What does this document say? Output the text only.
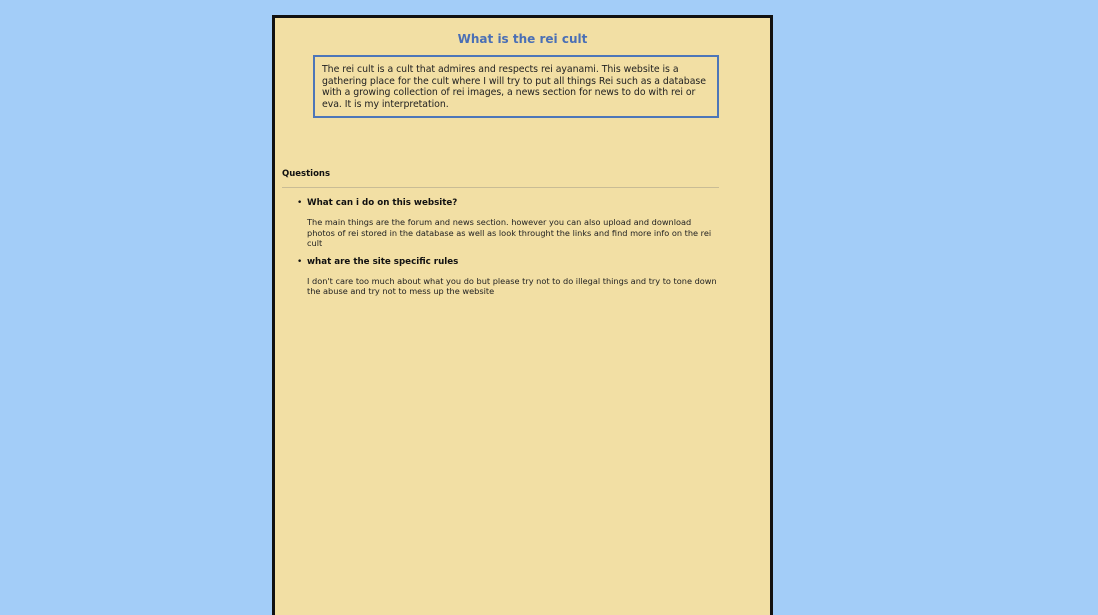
What is the rei cult
The rei cult is a cult that admires and respects rei ayanami. This website is a gathering place for the cult where I will try to put all things Rei such as a database with a growing collection of rei images, a news section for news to do with rei or eva. It is my interpretation.
Questions
• What can i do on this website?
The main things are the forum and news section. however you can also upload and download photos of rei stored in the database as well as look throught the links and find more info on the rei cult
• what are the site specific rules
I don't care too much about what you do but please try not to do illegal things and try to tone down the abuse and try not to mess up the website
